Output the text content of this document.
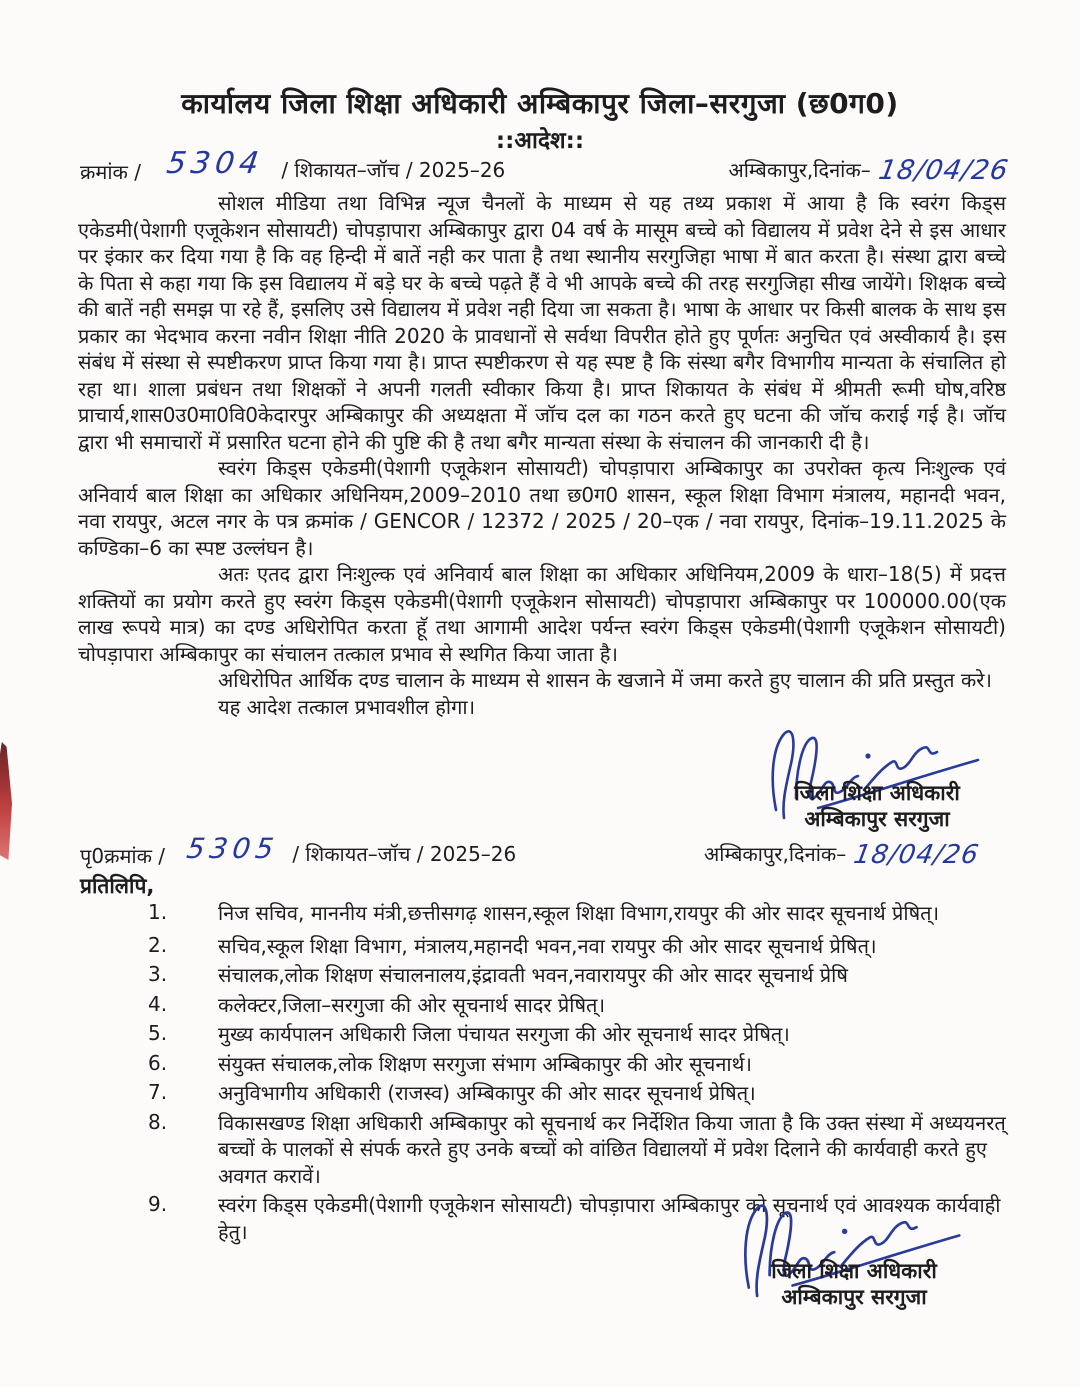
कार्यालय जिला शिक्षा अधिकारी अम्बिकापुर जिला–सरगुजा (छ0ग0)
::आदेश::
क्रमांक / 5304 / शिकायत–जॉच / 2025–26	अम्बिकापुर,दिनांक– 18/04/26

सोशल मीडिया तथा विभिन्न न्यूज चैनलों के माध्यम से यह तथ्य प्रकाश में आया है कि स्वरंग किड्स एकेडमी(पेशागी एजूकेशन सोसायटी) चोपड़ापारा अम्बिकापुर द्वारा 04 वर्ष के मासूम बच्चे को विद्यालय में प्रवेश देने से इस आधार पर इंकार कर दिया गया है कि वह हिन्दी में बातें नही कर पाता है तथा स्थानीय सरगुजिहा भाषा में बात करता है। संस्था द्वारा बच्चे के पिता से कहा गया कि इस विद्यालय में बड़े घर के बच्चे पढ़ते हैं वे भी आपके बच्चे की तरह सरगुजिहा सीख जायेंगे। शिक्षक बच्चे की बातें नही समझ पा रहे हैं, इसलिए उसे विद्यालय में प्रवेश नही दिया जा सकता है। भाषा के आधार पर किसी बालक के साथ इस प्रकार का भेदभाव करना नवीन शिक्षा नीति 2020 के प्रावधानों से सर्वथा विपरीत होते हुए पूर्णतः अनुचित एवं अस्वीकार्य है। इस संबंध में संस्था से स्पष्टीकरण प्राप्त किया गया है। प्राप्त स्पष्टीकरण से यह स्पष्ट है कि संस्था बगैर विभागीय मान्यता के संचालित हो रहा था। शाला प्रबंधन तथा शिक्षकों ने अपनी गलती स्वीकार किया है। प्राप्त शिकायत के संबंध में श्रीमती रूमी घोष,वरिष्ठ प्राचार्य,शास0उ0मा0वि0केदारपुर अम्बिकापुर की अध्यक्षता में जॉच दल का गठन करते हुए घटना की जॉच कराई गई है। जॉच द्वारा भी समाचारों में प्रसारित घटना होने की पुष्टि की है तथा बगैर मान्यता संस्था के संचालन की जानकारी दी है।

स्वरंग किड्स एकेडमी(पेशागी एजूकेशन सोसायटी) चोपड़ापारा अम्बिकापुर का उपरोक्त कृत्य निःशुल्क एवं अनिवार्य बाल शिक्षा का अधिकार अधिनियम,2009–2010 तथा छ0ग0 शासन, स्कूल शिक्षा विभाग मंत्रालय, महानदी भवन, नवा रायपुर, अटल नगर के पत्र क्रमांक / GENCOR / 12372 / 2025 / 20–एक / नवा रायपुर, दिनांक–19.11.2025 के कण्डिका–6 का स्पष्ट उल्लंघन है।

अतः एतद द्वारा निःशुल्क एवं अनिवार्य बाल शिक्षा का अधिकार अधिनियम,2009 के धारा–18(5) में प्रदत्त शक्तियों का प्रयोग करते हुए स्वरंग किड्स एकेडमी(पेशागी एजूकेशन सोसायटी) चोपड़ापारा अम्बिकापुर पर 100000.00(एक लाख रूपये मात्र) का दण्ड अधिरोपित करता हूॅ तथा आगामी आदेश पर्यन्त स्वरंग किड्स एकेडमी(पेशागी एजूकेशन सोसायटी) चोपड़ापारा अम्बिकापुर का संचालन तत्काल प्रभाव से स्थगित किया जाता है।

अधिरोपित आर्थिक दण्ड चालान के माध्यम से शासन के खजाने में जमा करते हुए चालान की प्रति प्रस्तुत करे।

यह आदेश तत्काल प्रभावशील होगा।

जिला शिक्षा अधिकारी
अम्बिकापुर सरगुजा
अम्बिकापुर,दिनांक– 18/04/26
पृ0क्रमांक / 5305 / शिकायत–जॉच / 2025–26
प्रतिलिपि,
1.	निज सचिव, माननीय मंत्री,छत्तीसगढ़ शासन,स्कूल शिक्षा विभाग,रायपुर की ओर सादर सूचनार्थ प्रेषित्।
2.	सचिव,स्कूल शिक्षा विभाग, मंत्रालय,महानदी भवन,नवा रायपुर की ओर सादर सूचनार्थ प्रेषित्।
3.	संचालक,लोक शिक्षण संचालनालय,इंद्रावती भवन,नवारायपुर की ओर सादर सूचनार्थ प्रेषि
4.	कलेक्टर,जिला–सरगुजा की ओर सूचनार्थ सादर प्रेषित्।
5.	मुख्य कार्यपालन अधिकारी जिला पंचायत सरगुजा की ओर सूचनार्थ सादर प्रेषित्।
6.	संयुक्त संचालक,लोक शिक्षण सरगुजा संभाग अम्बिकापुर की ओर सूचनार्थ।
7.	अनुविभागीय अधिकारी (राजस्व) अम्बिकापुर की ओर सादर सूचनार्थ प्रेषित्।
8.	विकासखण्ड शिक्षा अधिकारी अम्बिकापुर को सूचनार्थ कर निर्देशित किया जाता है कि उक्त संस्था में अध्ययनरत् बच्चों के पालकों से संपर्क करते हुए उनके बच्चों को वांछित विद्यालयों में प्रवेश दिलाने की कार्यवाही करते हुए अवगत करावें।
9.	स्वरंग किड्स एकेडमी(पेशागी एजूकेशन सोसायटी) चोपड़ापारा अम्बिकापुर को सूचनार्थ एवं आवश्यक कार्यवाही हेतु।
जिला शिक्षा अधिकारी
अम्बिकापुर सरगुजा
